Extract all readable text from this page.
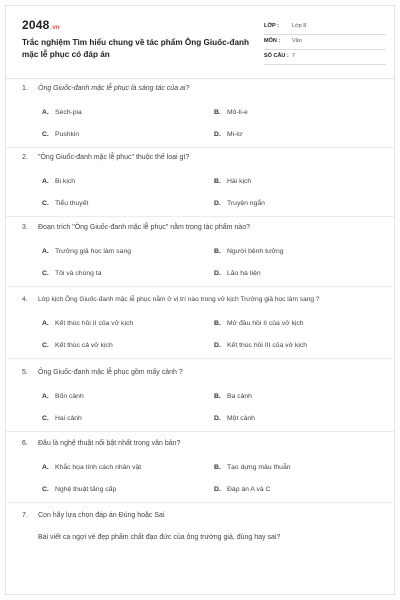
2048.vn
Trắc nghiệm Tìm hiểu chung về tác phẩm Ông Giuốc-đanh mặc lễ phục có đáp án
LỚP : Lớp 8
MÔN : Văn
SỐ CÂU : 7
1. Ông Giuốc-đanh mặc lễ phục là sáng tác của ai?
A. Séch-pia	B. Mô-li-e
C. Pushkin	D. Mi-lơ
2. "Ông Giuốc-đanh mặc lễ phục" thuộc thể loại gì?
A. Bi kịch	B. Hài kịch
C. Tiểu thuyết	D. Truyện ngắn
3. Đoạn trích "Ông Giuốc-đanh mặc lễ phục" nằm trong tác phẩm nào?
A. Trưởng giả học làm sang	B. Người bệnh tưởng
C. Tôi và chúng ta	D. Lão hà tiện
4. Lớp kịch Ông Giuốc-đanh mặc lễ phục nằm ở vị trí nào trong vở kịch Trưởng giả học làm sang ?
A. Kết thúc hồi II của vở kịch	B. Mở đầu hồi II của vở kịch
C. Kết thúc cả vở kịch	D. Kết thúc hồi III của vở kịch
5. Ông Giuốc-đanh mặc lễ phục gồm mấy cảnh ?
A. Bốn cảnh	B. Ba cảnh
C. Hai cảnh	D. Một cảnh
6. Đâu là nghệ thuật nổi bật nhất trong văn bản?
A. Khắc họa tính cách nhân vật	B. Tạo dựng mâu thuẫn
C. Nghệ thuật tăng cấp	D. Đáp án A và C
7. Con hãy lựa chọn đáp án Đúng hoặc Sai
Bài viết ca ngợi vẻ đẹp phẩm chất đạo đức của ông trưởng giả, đúng hay sai?
